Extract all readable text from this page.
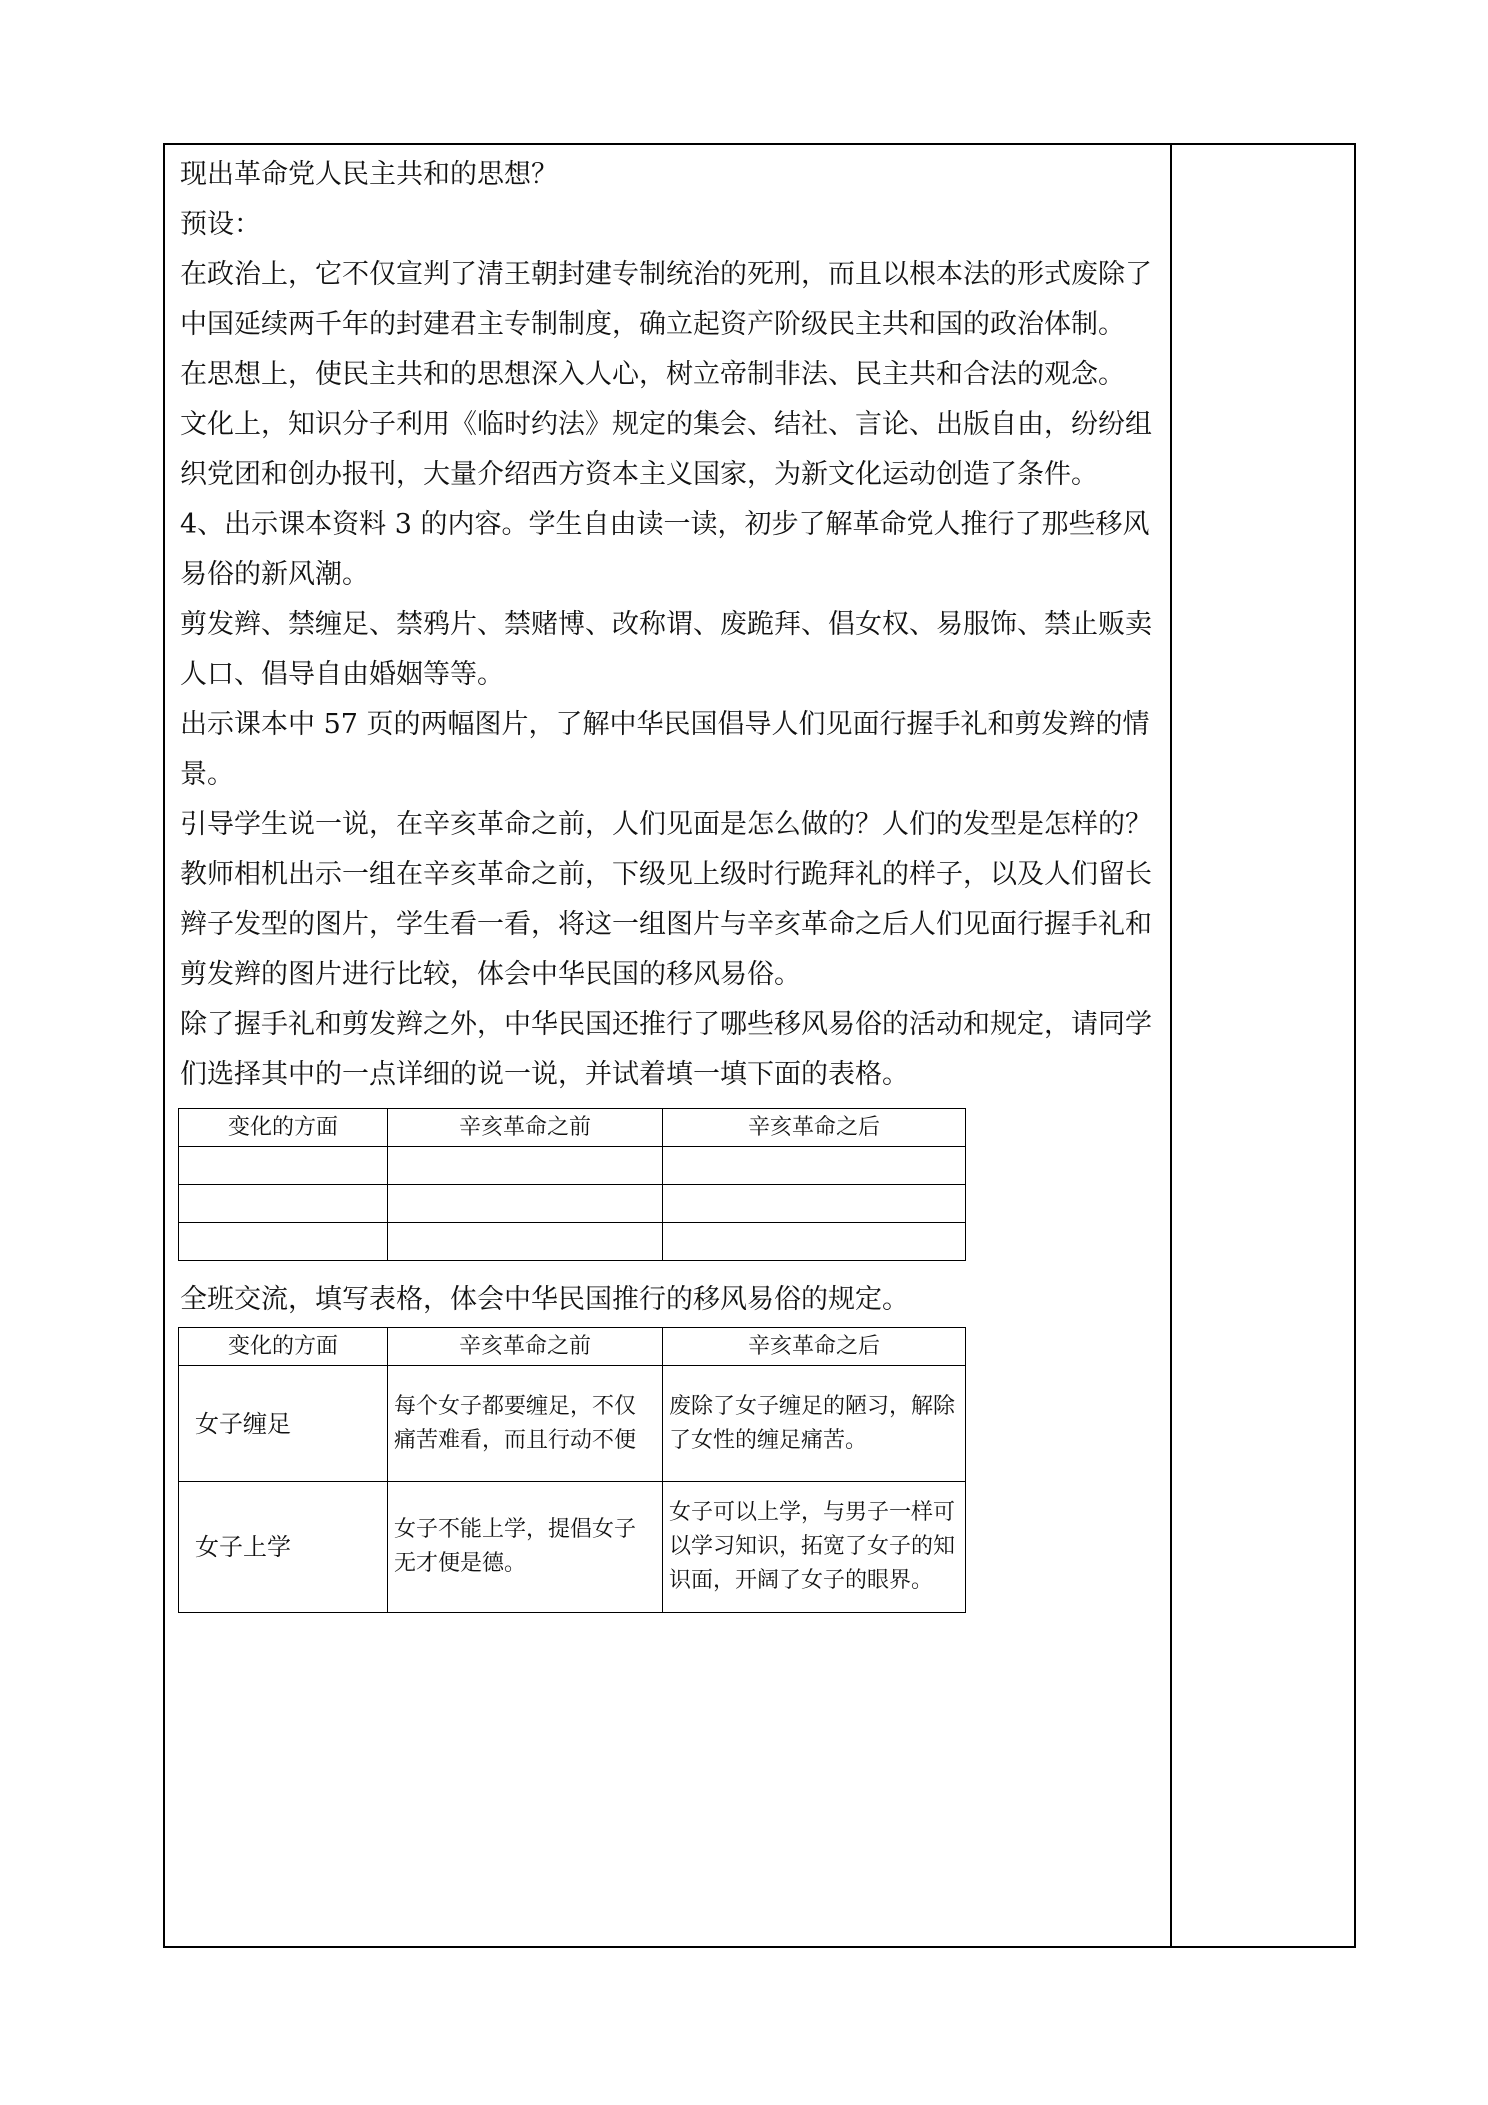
现出革命党人民主共和的思想？

预设：

在政治上，它不仅宣判了清王朝封建专制统治的死刑，而且以根本法的形式废除了中国延续两千年的封建君主专制制度，确立起资产阶级民主共和国的政治体制。

在思想上，使民主共和的思想深入人心，树立帝制非法、民主共和合法的观念。

文化上，知识分子利用《临时约法》规定的集会、结社、言论、出版自由，纷纷组织党团和创办报刊，大量介绍西方资本主义国家，为新文化运动创造了条件。

4、出示课本资料 3 的内容。学生自由读一读，初步了解革命党人推行了那些移风易俗的新风潮。

剪发辫、禁缠足、禁鸦片、禁赌博、改称谓、废跪拜、倡女权、易服饰、禁止贩卖人口、倡导自由婚姻等等。

出示课本中 57 页的两幅图片，了解中华民国倡导人们见面行握手礼和剪发辫的情景。

引导学生说一说，在辛亥革命之前，人们见面是怎么做的？人们的发型是怎样的？

教师相机出示一组在辛亥革命之前，下级见上级时行跪拜礼的样子，以及人们留长辫子发型的图片，学生看一看，将这一组图片与辛亥革命之后人们见面行握手礼和剪发辫的图片进行比较，体会中华民国的移风易俗。

除了握手礼和剪发辫之外，中华民国还推行了哪些移风易俗的活动和规定，请同学们选择其中的一点详细的说一说，并试着填一填下面的表格。

变化的方面	辛亥革命之前	辛亥革命之后

全班交流，填写表格，体会中华民国推行的移风易俗的规定。

变化的方面	辛亥革命之前	辛亥革命之后
女子缠足	每个女子都要缠足，不仅痛苦难看，而且行动不便	废除了女子缠足的陋习，解除了女性的缠足痛苦。
女子上学	女子不能上学，提倡女子无才便是德。	女子可以上学，与男子一样可以学习知识，拓宽了女子的知识面，开阔了女子的眼界。
